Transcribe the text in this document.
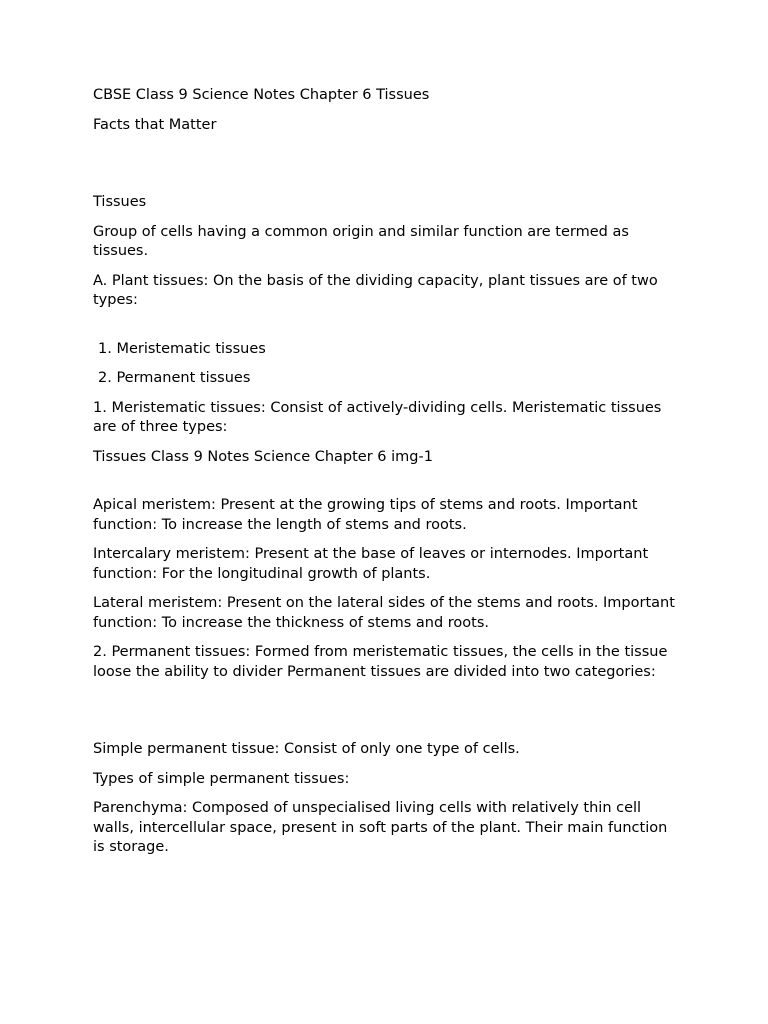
CBSE Class 9 Science Notes Chapter 6 Tissues

Facts that Matter

Tissues

Group of cells having a common origin and similar function are termed as tissues.

A. Plant tissues: On the basis of the dividing capacity, plant tissues are of two types:

1. Meristematic tissues

2. Permanent tissues

1. Meristematic tissues: Consist of actively-dividing cells. Meristematic tissues are of three types:

Tissues Class 9 Notes Science Chapter 6 img-1

Apical meristem: Present at the growing tips of stems and roots. Important function: To increase the length of stems and roots.

Intercalary meristem: Present at the base of leaves or internodes. Important function: For the longitudinal growth of plants.

Lateral meristem: Present on the lateral sides of the stems and roots. Important function: To increase the thickness of stems and roots.

2. Permanent tissues: Formed from meristematic tissues, the cells in the tissue loose the ability to divider Permanent tissues are divided into two categories:

Simple permanent tissue: Consist of only one type of cells.

Types of simple permanent tissues:

Parenchyma: Composed of unspecialised living cells with relatively thin cell walls, intercellular space, present in soft parts of the plant. Their main function is storage.
